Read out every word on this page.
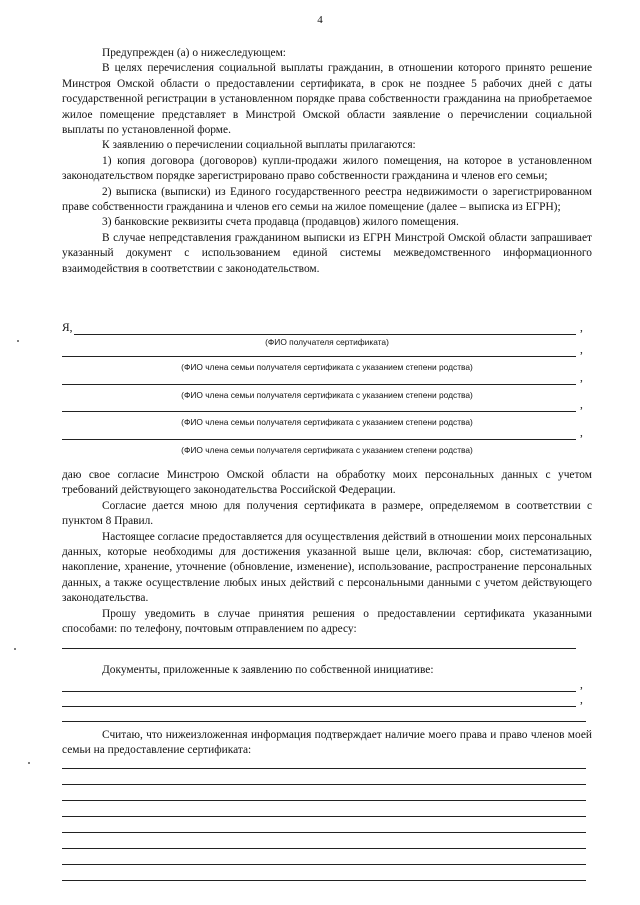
4

Предупрежден (а) о нижеследующем:

В целях перечисления социальной выплаты гражданин, в отношении которого принято решение Минстроя Омской области о предоставлении сертификата, в срок не позднее 5 рабочих дней с даты государственной регистрации в установленном порядке права собственности гражданина на приобретаемое жилое помещение представляет в Минстрой Омской области заявление о перечислении социальной выплаты по установленной форме.

К заявлению о перечислении социальной выплаты прилагаются:

1) копия договора (договоров) купли-продажи жилого помещения, на которое в установленном законодательством порядке зарегистрировано право собственности гражданина и членов его семьи;

2) выписка (выписки) из Единого государственного реестра недвижимости о зарегистрированном праве собственности гражданина и членов его семьи на жилое помещение (далее – выписка из ЕГРН);

3) банковские реквизиты счета продавца (продавцов) жилого помещения.

В случае непредставления гражданином выписки из ЕГРН Минстрой Омской области запрашивает указанный документ с использованием единой системы межведомственного информационного взаимодействия в соответствии с законодательством.

Я,	,
(ФИО получателя сертификата)
,
(ФИО члена семьи получателя сертификата с указанием степени родства)
,
(ФИО члена семьи получателя сертификата с указанием степени родства)
,
(ФИО члена семьи получателя сертификата с указанием степени родства)
,
(ФИО члена семьи получателя сертификата с указанием степени родства)

даю свое согласие Минстрою Омской области на обработку моих персональных данных с учетом требований действующего законодательства Российской Федерации.

Согласие дается мною для получения сертификата в размере, определяемом в соответствии с пунктом 8 Правил.

Настоящее согласие предоставляется для осуществления действий в отношении моих персональных данных, которые необходимы для достижения указанной выше цели, включая: сбор, систематизацию, накопление, хранение, уточнение (обновление, изменение), использование, распространение персональных данных, а также осуществление любых иных действий с персональными данными с учетом действующего законодательства.

Прошу уведомить в случае принятия решения о предоставлении сертификата указанными способами: по телефону, почтовым отправлением по адресу:

Документы, приложенные к заявлению по собственной инициативе:
,
,

Считаю, что нижеизложенная информация подтверждает наличие моего права и право членов моей семьи на предоставление сертификата:
